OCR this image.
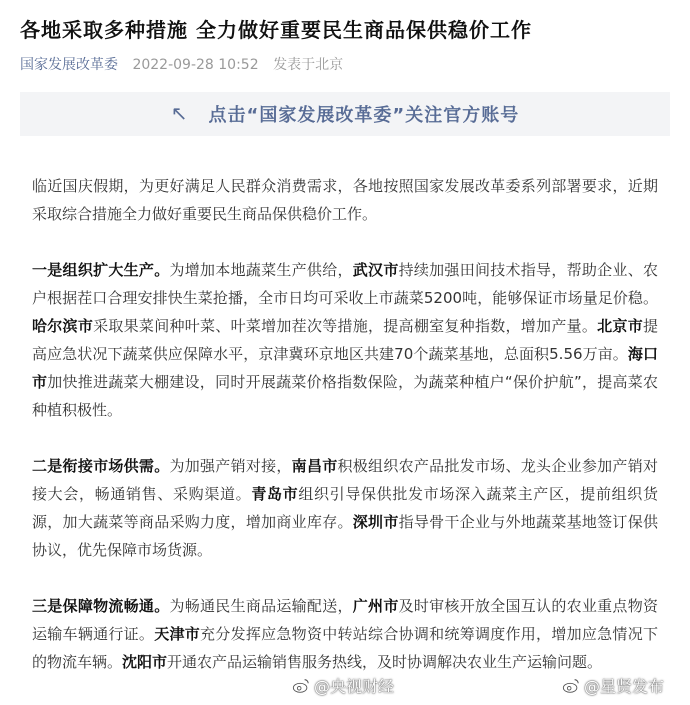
各地采取多种措施 全力做好重要民生商品保供稳价工作
国家发展改革委 2022-09-28 10:52 发表于北京
↖ 点击“国家发展改革委”关注官方账号

临近国庆假期，为更好满足人民群众消费需求，各地按照国家发展改革委系列部署要求，近期采取综合措施全力做好重要民生商品保供稳价工作。

一是组织扩大生产。为增加本地蔬菜生产供给，武汉市持续加强田间技术指导，帮助企业、农户根据茬口合理安排快生菜抢播，全市日均可采收上市蔬菜5200吨，能够保证市场量足价稳。哈尔滨市采取果菜间种叶菜、叶菜增加茬次等措施，提高棚室复种指数，增加产量。北京市提高应急状况下蔬菜供应保障水平，京津冀环京地区共建70个蔬菜基地，总面积5.56万亩。海口市加快推进蔬菜大棚建设，同时开展蔬菜价格指数保险，为蔬菜种植户“保价护航”，提高菜农种植积极性。

二是衔接市场供需。为加强产销对接，南昌市积极组织农产品批发市场、龙头企业参加产销对接大会，畅通销售、采购渠道。青岛市组织引导保供批发市场深入蔬菜主产区，提前组织货源，加大蔬菜等商品采购力度，增加商业库存。深圳市指导骨干企业与外地蔬菜基地签订保供协议，优先保障市场货源。

三是保障物流畅通。为畅通民生商品运输配送，广州市及时审核开放全国互认的农业重点物资运输车辆通行证。天津市充分发挥应急物资中转站综合协调和统筹调度作用，增加应急情况下的物流车辆。沈阳市开通农产品运输销售服务热线，及时协调解决农业生产运输问题。

@央视财经	@星贤发布
